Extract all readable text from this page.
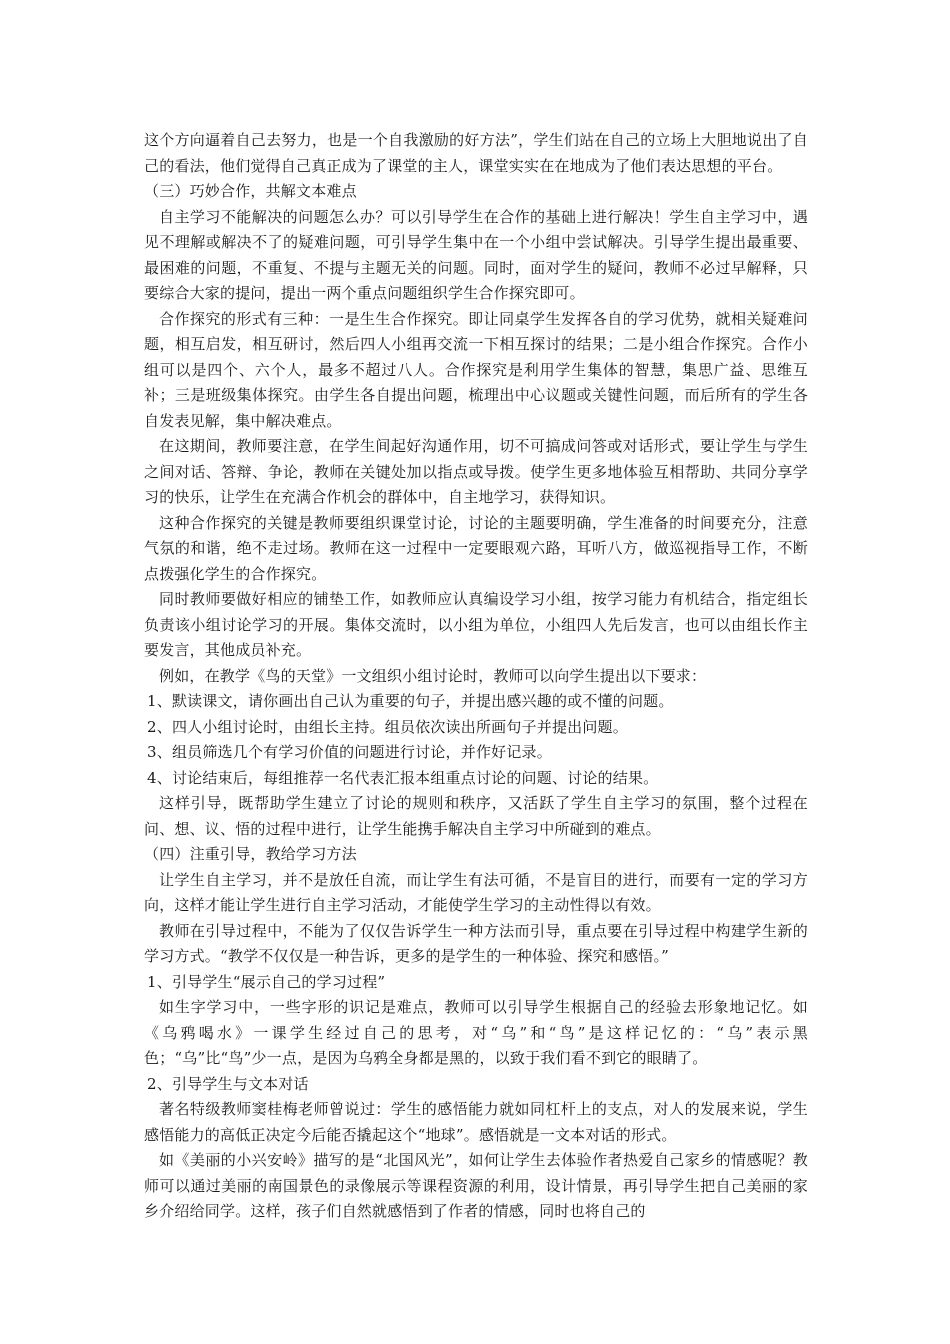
这个方向逼着自己去努力，也是一个自我激励的好方法”，学生们站在自己的立场上大胆地说出了自己的看法，他们觉得自己真正成为了课堂的主人，课堂实实在在地成为了他们表达思想的平台。

（三）巧妙合作，共解文本难点

自主学习不能解决的问题怎么办？可以引导学生在合作的基础上进行解决！学生自主学习中，遇见不理解或解决不了的疑难问题，可引导学生集中在一个小组中尝试解决。引导学生提出最重要、最困难的问题，不重复、不提与主题无关的问题。同时，面对学生的疑问，教师不必过早解释，只要综合大家的提问，提出一两个重点问题组织学生合作探究即可。

合作探究的形式有三种：一是生生合作探究。即让同桌学生发挥各自的学习优势，就相关疑难问题，相互启发，相互研讨，然后四人小组再交流一下相互探讨的结果；二是小组合作探究。合作小组可以是四个、六个人，最多不超过八人。合作探究是利用学生集体的智慧，集思广益、思维互补；三是班级集体探究。由学生各自提出问题，梳理出中心议题或关键性问题，而后所有的学生各自发表见解，集中解决难点。

在这期间，教师要注意，在学生间起好沟通作用，切不可搞成问答或对话形式，要让学生与学生之间对话、答辩、争论，教师在关键处加以指点或导拨。使学生更多地体验互相帮助、共同分享学习的快乐，让学生在充满合作机会的群体中，自主地学习，获得知识。

这种合作探究的关键是教师要组织课堂讨论，讨论的主题要明确，学生准备的时间要充分，注意气氛的和谐，绝不走过场。教师在这一过程中一定要眼观六路，耳听八方，做巡视指导工作，不断点拨强化学生的合作探究。

同时教师要做好相应的铺垫工作，如教师应认真编设学习小组，按学习能力有机结合，指定组长负责该小组讨论学习的开展。集体交流时，以小组为单位，小组四人先后发言，也可以由组长作主要发言，其他成员补充。

例如，在教学《鸟的天堂》一文组织小组讨论时，教师可以向学生提出以下要求：

1、默读课文，请你画出自己认为重要的句子，并提出感兴趣的或不懂的问题。

2、四人小组讨论时，由组长主持。组员依次读出所画句子并提出问题。

3、组员筛选几个有学习价值的问题进行讨论，并作好记录。

4、讨论结束后，每组推荐一名代表汇报本组重点讨论的问题、讨论的结果。

这样引导，既帮助学生建立了讨论的规则和秩序，又活跃了学生自主学习的氛围，整个过程在问、想、议、悟的过程中进行，让学生能携手解决自主学习中所碰到的难点。

（四）注重引导，教给学习方法

让学生自主学习，并不是放任自流，而让学生有法可循，不是盲目的进行，而要有一定的学习方向，这样才能让学生进行自主学习活动，才能使学生学习的主动性得以有效。

教师在引导过程中，不能为了仅仅告诉学生一种方法而引导，重点要在引导过程中构建学生新的学习方式。“教学不仅仅是一种告诉，更多的是学生的一种体验、探究和感悟。”

1、引导学生“展示自己的学习过程”

如生字学习中，一些字形的识记是难点，教师可以引导学生根据自己的经验去形象地记忆。如《乌鸦喝水》一课学生经过自己的思考，对“乌”和“鸟”是这样记忆的：“乌”表示黑色；“乌”比“鸟”少一点，是因为乌鸦全身都是黑的，以致于我们看不到它的眼睛了。

2、引导学生与文本对话

著名特级教师窦桂梅老师曾说过：学生的感悟能力就如同杠杆上的支点，对人的发展来说，学生感悟能力的高低正决定今后能否撬起这个“地球”。感悟就是一文本对话的形式。

如《美丽的小兴安岭》描写的是“北国风光”，如何让学生去体验作者热爱自己家乡的情感呢？教师可以通过美丽的南国景色的录像展示等课程资源的利用，设计情景，再引导学生把自己美丽的家乡介绍给同学。这样，孩子们自然就感悟到了作者的情感，同时也将自己的
